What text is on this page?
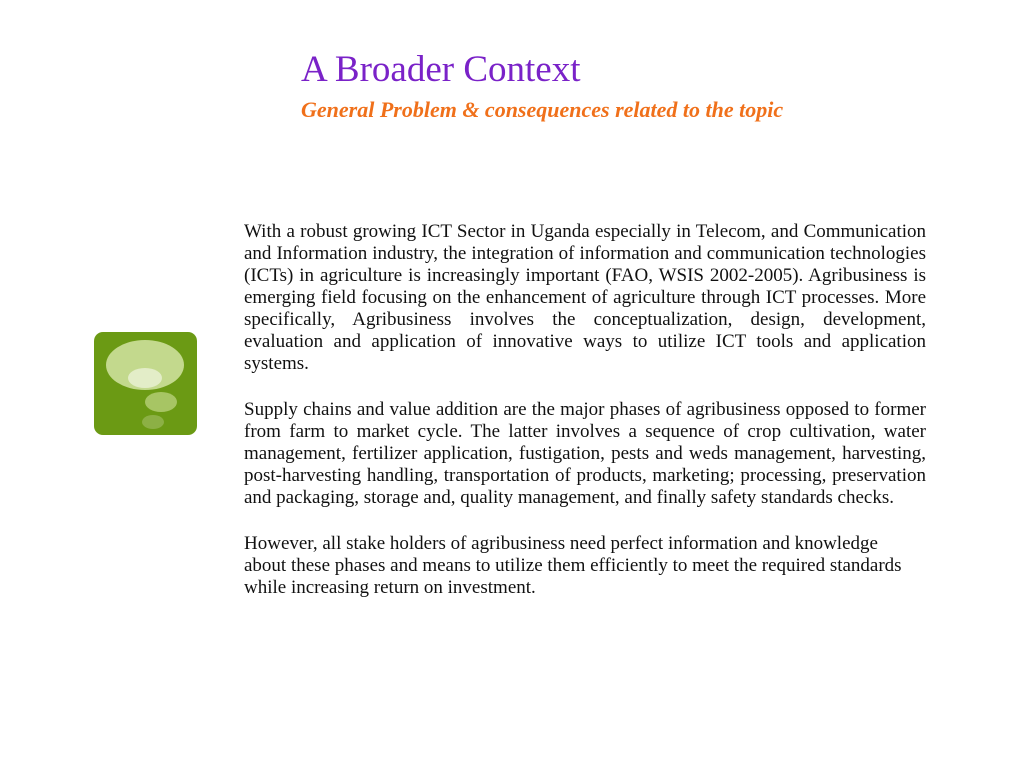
A Broader Context
General Problem & consequences related to the topic

With a robust growing ICT Sector in Uganda especially in Telecom, and Communication and Information industry, the integration of information and communication technologies (ICTs) in agriculture is increasingly important (FAO, WSIS 2002-2005). Agribusiness is emerging field focusing on the enhancement of agriculture through ICT processes. More specifically, Agribusiness involves the conceptualization, design, development, evaluation and application of innovative ways to utilize ICT tools and application systems.

Supply chains and value addition are the major phases of agribusiness opposed to former from farm to market cycle. The latter involves a sequence of crop cultivation, water management, fertilizer application, fustigation, pests and weds management, harvesting, post-harvesting handling, transportation of products, marketing; processing, preservation and packaging, storage and, quality management, and finally safety standards checks.

However, all stake holders of agribusiness need perfect information and knowledge about these phases and means to utilize them efficiently to meet the required standards while increasing return on investment.
